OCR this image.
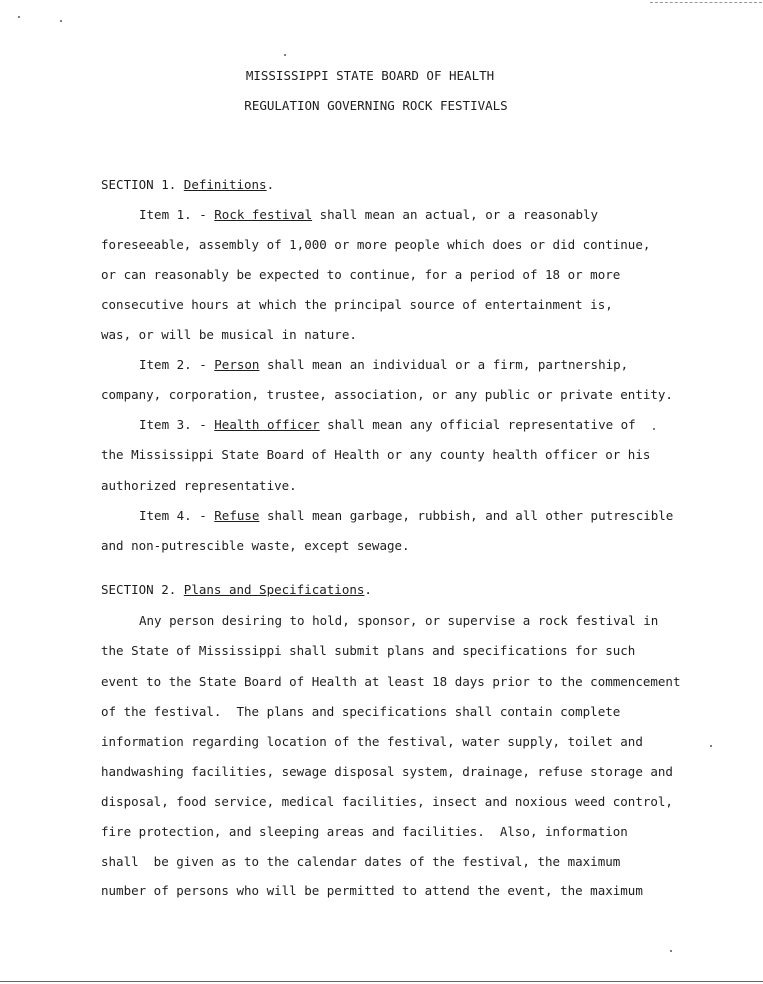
MISSISSIPPI STATE BOARD OF HEALTH
REGULATION GOVERNING ROCK FESTIVALS
SECTION 1. Definitions.
Item 1. - Rock festival shall mean an actual, or a reasonably
foreseeable, assembly of 1,000 or more people which does or did continue,
or can reasonably be expected to continue, for a period of 18 or more
consecutive hours at which the principal source of entertainment is,
was, or will be musical in nature.
Item 2. - Person shall mean an individual or a firm, partnership,
company, corporation, trustee, association, or any public or private entity.
Item 3. - Health officer shall mean any official representative of
the Mississippi State Board of Health or any county health officer or his
authorized representative.
Item 4. - Refuse shall mean garbage, rubbish, and all other putrescible
and non-putrescible waste, except sewage.
SECTION 2. Plans and Specifications.
Any person desiring to hold, sponsor, or supervise a rock festival in
the State of Mississippi shall submit plans and specifications for such
event to the State Board of Health at least 18 days prior to the commencement
of the festival.  The plans and specifications shall contain complete
information regarding location of the festival, water supply, toilet and
handwashing facilities, sewage disposal system, drainage, refuse storage and
disposal, food service, medical facilities, insect and noxious weed control,
fire protection, and sleeping areas and facilities.  Also, information
shall  be given as to the calendar dates of the festival, the maximum
number of persons who will be permitted to attend the event, the maximum
